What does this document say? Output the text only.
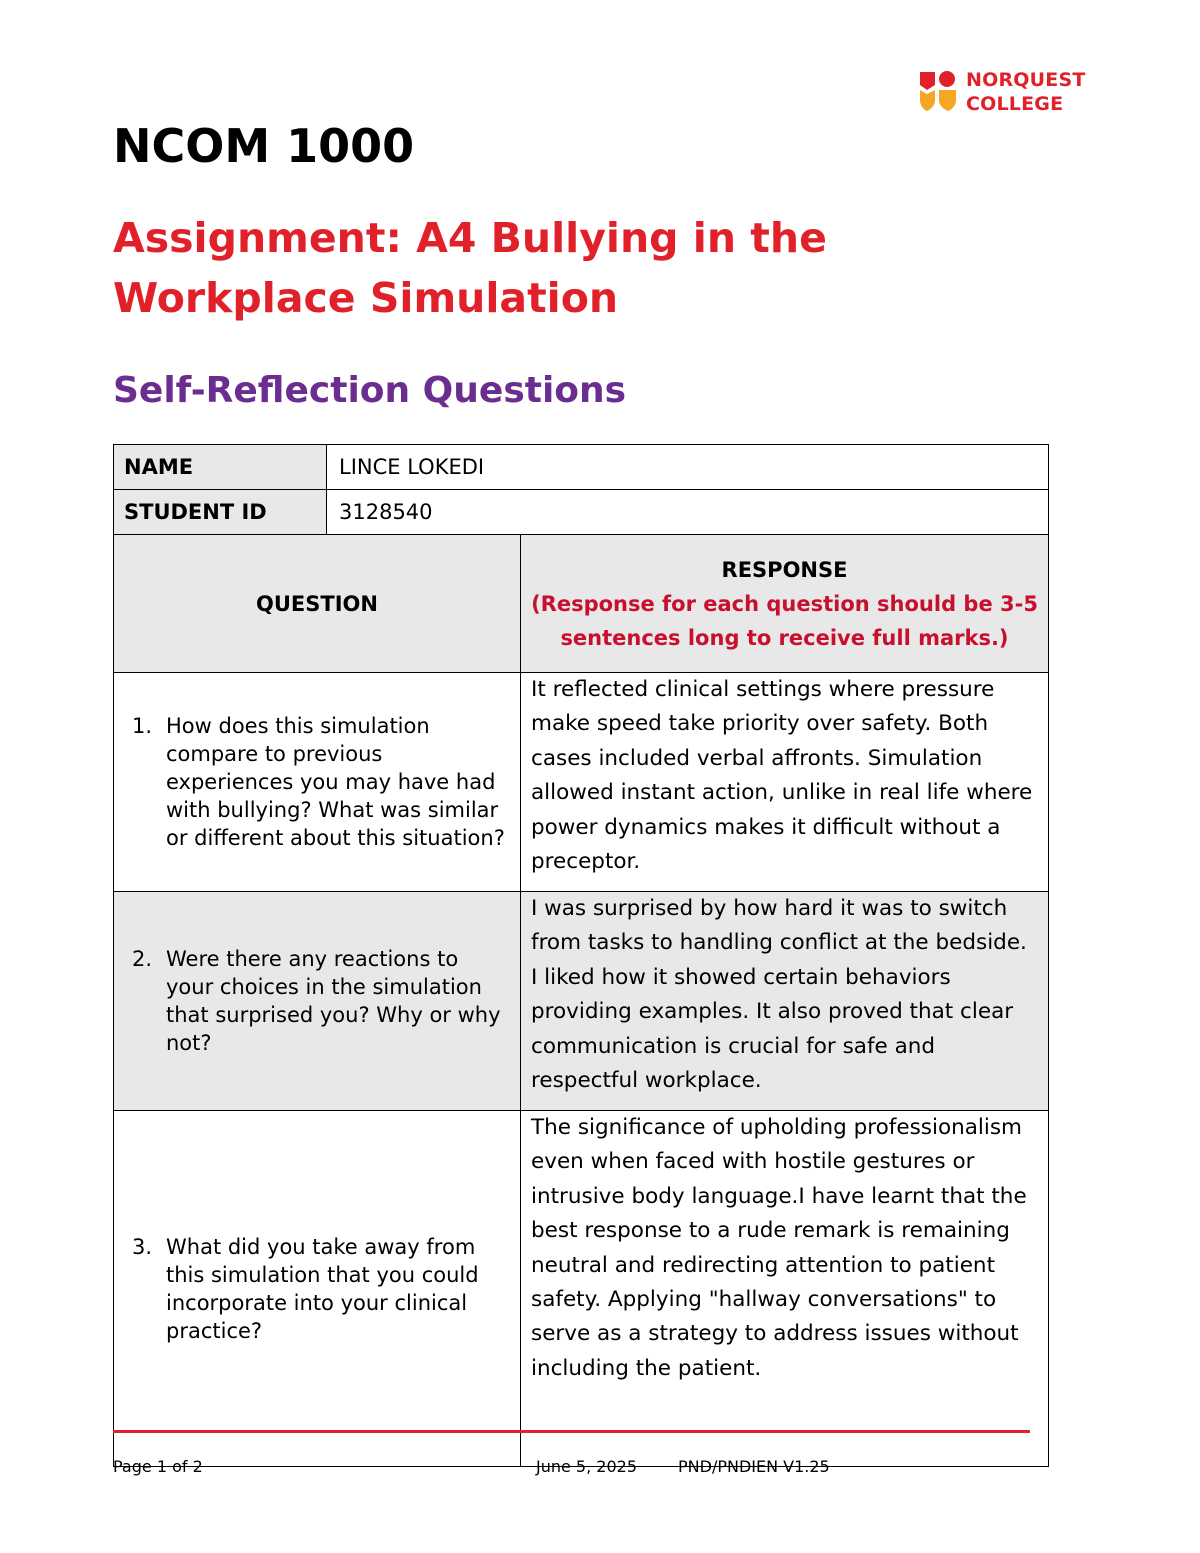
NORQUEST
COLLEGE
NCOM 1000
Assignment: A4 Bullying in the Workplace Simulation
Self-Reflection Questions
NAME	LINCE LOKEDI
STUDENT ID	3128540
QUESTION	RESPONSE
(Response for each question should be 3-5 sentences long to receive full marks.)

1. How does this simulation compare to previous experiences you may have had with bullying? What was similar or different about this situation?	It reflected clinical settings where pressure make speed take priority over safety. Both cases included verbal affronts. Simulation allowed instant action, unlike in real life where power dynamics makes it difficult without a preceptor.

2. Were there any reactions to your choices in the simulation that surprised you? Why or why not?	I was surprised by how hard it was to switch from tasks to handling conflict at the bedside. I liked how it showed certain behaviors providing examples. It also proved that clear communication is crucial for safe and respectful workplace.

3. What did you take away from this simulation that you could incorporate into your clinical practice?	The significance of upholding professionalism even when faced with hostile gestures or intrusive body language.I have learnt that the best response to a rude remark is remaining neutral and redirecting attention to patient safety. Applying "hallway conversations" to serve as a strategy to address issues without including the patient.
Page 1 of 2	June 5, 2025	PND/PNDIEN V1.25
